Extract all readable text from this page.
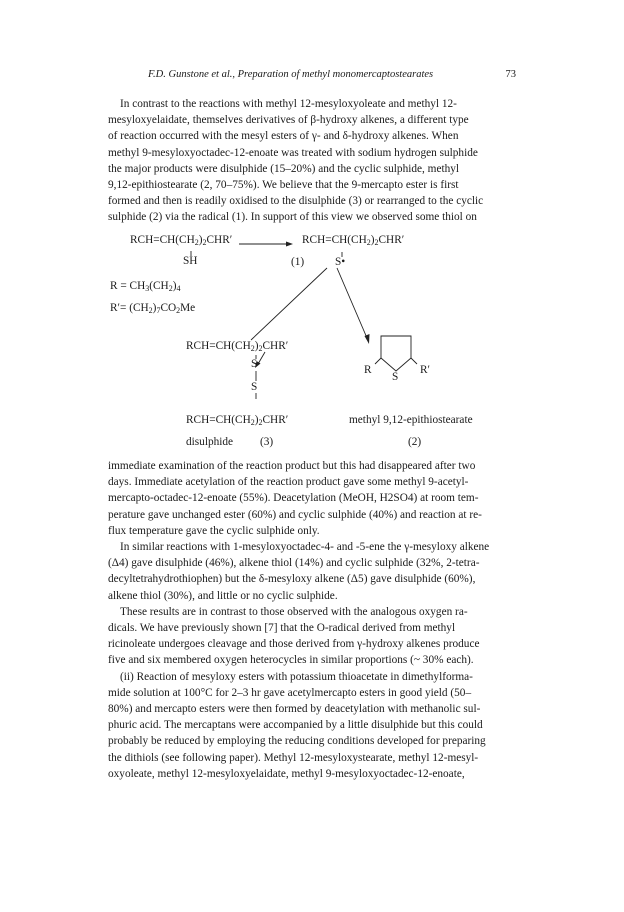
F.D. Gunstone et al., Preparation of methyl monomercaptostearates	73
In contrast to the reactions with methyl 12-mesyloxyoleate and methyl 12-
mesyloxyelaidate, themselves derivatives of β-hydroxy alkenes, a different type
of reaction occurred with the mesyl esters of γ- and δ-hydroxy alkenes. When
methyl 9-mesyloxyoctadec-12-enoate was treated with sodium hydrogen sulphide
the major products were disulphide (15–20%) and the cyclic sulphide, methyl
9,12-epithiostearate (2, 70–75%). We believe that the 9-mercapto ester is first
formed and then is readily oxidised to the disulphide (3) or rearranged to the cyclic
sulphide (2) via the radical (1). In support of this view we observed some thiol on
$RCH=CH(CH_2)_2CHR'$
SH
$RCH=CH(CH_2)_2CHR'$
(1)	S•
$R = CH_3(CH_2)_4$
$R'= (CH_2)_7CO_2Me$
$RCH=CH(CH_2)_2CHR'$
S
S
$RCH=CH(CH_2)_2CHR'$
R
S
R′
disulphide (3)
methyl 9,12-epithiostearate
(2)
immediate examination of the reaction product but this had disappeared after two
days. Immediate acetylation of the reaction product gave some methyl 9-acetyl-
mercapto-octadec-12-enoate (55%). Deacetylation (MeOH, H2SO4) at room tem-
perature gave unchanged ester (60%) and cyclic sulphide (40%) and reaction at re-
flux temperature gave the cyclic sulphide only.
In similar reactions with 1-mesyloxyoctadec-4- and -5-ene the γ-mesyloxy alkene
(Δ4) gave disulphide (46%), alkene thiol (14%) and cyclic sulphide (32%, 2-tetra-
decyltetrahydrothiophen) but the δ-mesyloxy alkene (Δ5) gave disulphide (60%),
alkene thiol (30%), and little or no cyclic sulphide.
These results are in contrast to those observed with the analogous oxygen ra-
dicals. We have previously shown [7] that the O-radical derived from methyl
ricinoleate undergoes cleavage and those derived from γ-hydroxy alkenes produce
five and six membered oxygen heterocycles in similar proportions (~ 30% each).
(ii) Reaction of mesyloxy esters with potassium thioacetate in dimethylforma-
mide solution at 100°C for 2–3 hr gave acetylmercapto esters in good yield (50–
80%) and mercapto esters were then formed by deacetylation with methanolic sul-
phuric acid. The mercaptans were accompanied by a little disulphide but this could
probably be reduced by employing the reducing conditions developed for preparing
the dithiols (see following paper). Methyl 12-mesyloxystearate, methyl 12-mesyl-
oxyoleate, methyl 12-mesyloxyelaidate, methyl 9-mesyloxyoctadec-12-enoate,
